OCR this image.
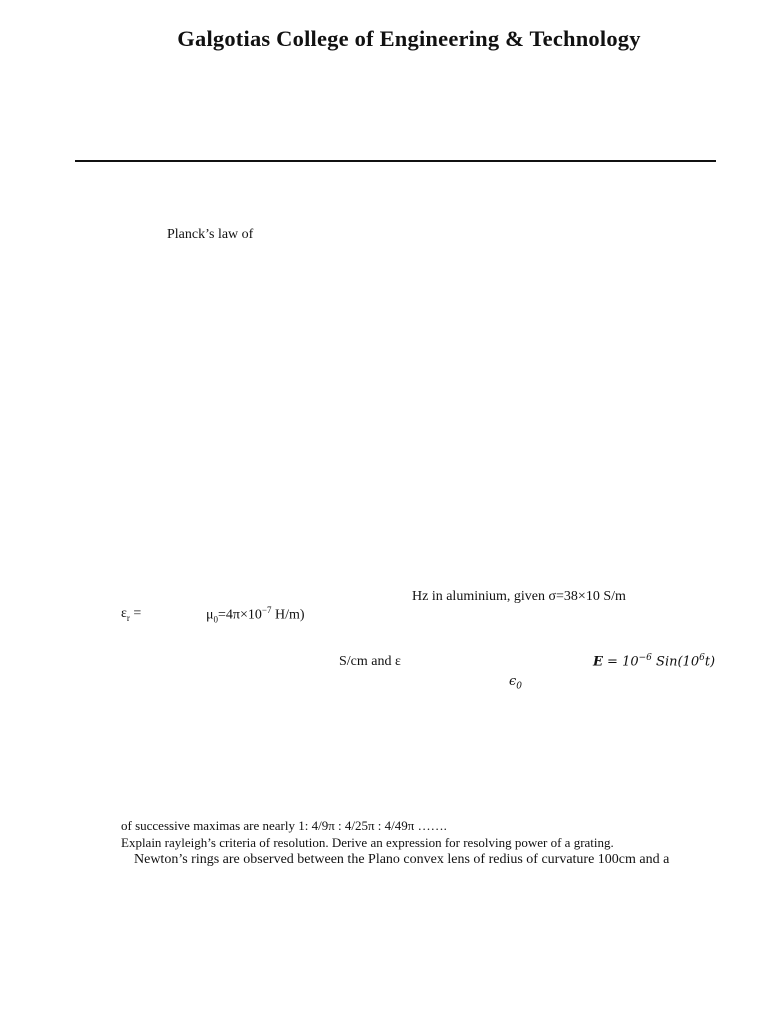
Galgotias College of Engineering & Technology
Planck’s law of
Hz in aluminium, given σ=38×10 S/m
$\varepsilon_r$ =	$\mu_0=4\pi\times 10^{-7}$ H/m)
S/cm and ε	$E = 10^{-6}$ $Sin(10^6t)$
$\epsilon_0$
of successive maximas are nearly 1: 4/9π : 4/25π : 4/49π …….
Explain rayleigh’s criteria of resolution. Derive an expression for resolving power of a grating.
Newton’s rings are observed between the Plano convex lens of redius of curvature 100cm and a
